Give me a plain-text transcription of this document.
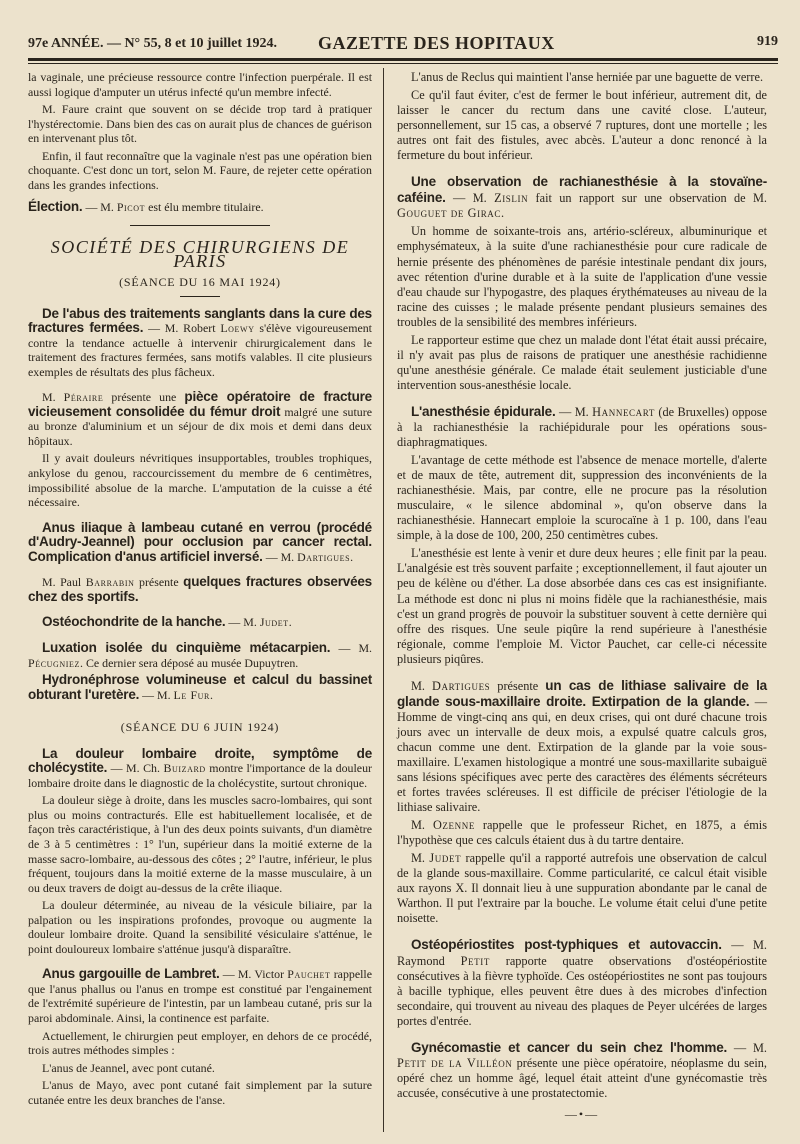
97e ANNÉE. — N° 55, 8 et 10 juillet 1924. GAZETTE DES HOPITAUX	919

la vaginale, une précieuse ressource contre l'infection puerpérale. Il est aussi logique d'amputer un utérus infecté qu'un membre infecté.

M. Faure craint que souvent on se décide trop tard à pratiquer l'hystérectomie. Dans bien des cas on aurait plus de chances de guérison en intervenant plus tôt.

Enfin, il faut reconnaître que la vaginale n'est pas une opération bien choquante. C'est donc un tort, selon M. Faure, de rejeter cette opération dans les grandes infections.

Élection. — M. Picot est élu membre titulaire.

SOCIÉTÉ DES CHIRURGIENS DE PARIS
(SÉANCE DU 16 MAI 1924)

De l'abus des traitements sanglants dans la cure des fractures fermées. — M. Robert Loewy s'élève vigoureusement contre la tendance actuelle à intervenir chirurgicalement dans le traitement des fractures fermées, sans motifs valables. Il cite plusieurs exemples de résultats des plus fâcheux.

M. Péraire présente une pièce opératoire de fracture vicieusement consolidée du fémur droit malgré une suture au bronze d'aluminium et un séjour de dix mois et demi dans deux hôpitaux.

Il y avait douleurs névritiques insupportables, troubles trophiques, ankylose du genou, raccourcissement du membre de 6 centimètres, impossibilité absolue de la marche. L'amputation de la cuisse a été nécessaire.

Anus iliaque à lambeau cutané en verrou (procédé d'Audry-Jeannel) pour occlusion par cancer rectal. Complication d'anus artificiel inversé. — M. Dartigues.

M. Paul Barrabin présente quelques fractures observées chez des sportifs.

Ostéochondrite de la hanche. — M. Judet.

Luxation isolée du cinquième métacarpien. — M. Pécugniez. Ce dernier sera déposé au musée Dupuytren.

Hydronéphrose volumineuse et calcul du bassinet obturant l'uretère. — M. Le Fur.

(SÉANCE DU 6 JUIN 1924)

La douleur lombaire droite, symptôme de cholécystite. — M. Ch. Buizard montre l'importance de la douleur lombaire droite dans le diagnostic de la cholécystite, surtout chronique.

La douleur siège à droite, dans les muscles sacro-lombaires, qui sont plus ou moins contracturés. Elle est habituellement localisée, et de façon très caractéristique, à l'un des deux points suivants, d'un diamètre de 3 à 5 centimètres : 1° l'un, supérieur dans la moitié externe de la masse sacro-lombaire, au-dessous des côtes ; 2° l'autre, inférieur, le plus fréquent, toujours dans la moitié externe de la masse musculaire, à un ou deux travers de doigt au-dessus de la crête iliaque.

La douleur déterminée, au niveau de la vésicule biliaire, par la palpation ou les inspirations profondes, provoque ou augmente la douleur lombaire droite. Quand la sensibilité vésiculaire s'atténue, le point douloureux lombaire s'atténue jusqu'à disparaître.

Anus gargouille de Lambret. — M. Victor Pauchet rappelle que l'anus phallus ou l'anus en trompe est constitué par l'engainement de l'extrémité supérieure de l'intestin, par un lambeau cutané, pris sur la paroi abdominale. Ainsi, la continence est parfaite.

Actuellement, le chirurgien peut employer, en dehors de ce procédé, trois autres méthodes simples :

L'anus de Jeannel, avec pont cutané.

L'anus de Mayo, avec pont cutané fait simplement par la suture cutanée entre les deux branches de l'anse.

L'anus de Reclus qui maintient l'anse herniée par une baguette de verre.

Ce qu'il faut éviter, c'est de fermer le bout inférieur, autrement dit, de laisser le cancer du rectum dans une cavité close. L'auteur, personnellement, sur 15 cas, a observé 7 ruptures, dont une mortelle ; les autres ont fait des fistules, avec abcès. L'auteur a donc renoncé à la fermeture du bout inférieur.

Une observation de rachianesthésie à la stovaïne-caféine. — M. Zislin fait un rapport sur une observation de M. Gouguet de Girac.

Un homme de soixante-trois ans, artério-scléreux, albuminurique et emphysémateux, à la suite d'une rachianesthésie pour cure radicale de hernie présente des phénomènes de parésie intestinale pendant dix jours, avec rétention d'urine durable et à la suite de l'application d'une vessie d'eau chaude sur l'hypogastre, des plaques érythémateuses au niveau de la racine des cuisses ; le malade présente pendant plusieurs semaines des troubles de la sensibilité des membres inférieurs.

Le rapporteur estime que chez un malade dont l'état était aussi précaire, il n'y avait pas plus de raisons de pratiquer une anesthésie rachidienne qu'une anesthésie générale. Ce malade était seulement justiciable d'une intervention sous-anesthésie locale.

L'anesthésie épidurale. — M. Hannecart (de Bruxelles) oppose à la rachianesthésie la rachiépidurale pour les opérations sous-diaphragmatiques.

L'avantage de cette méthode est l'absence de menace mortelle, d'alerte et de maux de tête, autrement dit, suppression des inconvénients de la rachianesthésie. Mais, par contre, elle ne procure pas la résolution musculaire, « le silence abdominal », qu'on observe dans la rachianesthésie. Hannecart emploie la scurocaïne à 1 p. 100, dans l'eau simple, à la dose de 100, 200, 250 centimètres cubes.

L'anesthésie est lente à venir et dure deux heures ; elle finit par la peau. L'analgésie est très souvent parfaite ; exceptionnellement, il faut ajouter un peu de kélène ou d'éther. La dose absorbée dans ces cas est insignifiante. La méthode est donc ni plus ni moins fidèle que la rachianesthésie, mais c'est un grand progrès de pouvoir la substituer souvent à cette dernière qui offre des risques. Une seule piqûre la rend supérieure à l'anesthésie régionale, comme l'emploie M. Victor Pauchet, car celle-ci nécessite plusieurs piqûres.

M. Dartigues présente un cas de lithiase salivaire de la glande sous-maxillaire droite. Extirpation de la glande. — Homme de vingt-cinq ans qui, en deux crises, qui ont duré chacune trois jours avec un intervalle de deux mois, a expulsé quatre calculs gros, chacun comme une dent. Extirpation de la glande par la voie sous-maxillaire. L'examen histologique a montré une sous-maxillarite subaiguë sans lésions spécifiques avec perte des caractères des éléments sécréteurs et fortes travées scléreuses. Il est difficile de préciser l'étiologie de la lithiase salivaire.

M. Ozenne rappelle que le professeur Richet, en 1875, a émis l'hypothèse que ces calculs étaient dus à du tartre dentaire.

M. Judet rappelle qu'il a rapporté autrefois une observation de calcul de la glande sous-maxillaire. Comme particularité, ce calcul était visible aux rayons X. Il donnait lieu à une suppuration abondante par le canal de Warthon. Il put l'extraire par la bouche. Le volume était celui d'une petite noisette.

Ostéopériostites post-typhiques et autovaccin. — M. Raymond Petit rapporte quatre observations d'ostéopériostite consécutives à la fièvre typhoïde. Ces ostéopériostites ne sont pas toujours à bacille typhique, elles peuvent être dues à des microbes d'infection secondaire, qui trouvent au niveau des plaques de Peyer ulcérées de larges portes d'entrée.

Gynécomastie et cancer du sein chez l'homme. — M. Petit de la Villéon présente une pièce opératoire, néoplasme du sein, opéré chez un homme âgé, lequel était atteint d'une gynécomastie très accusée, consécutive à une prostatectomie.

—•—
